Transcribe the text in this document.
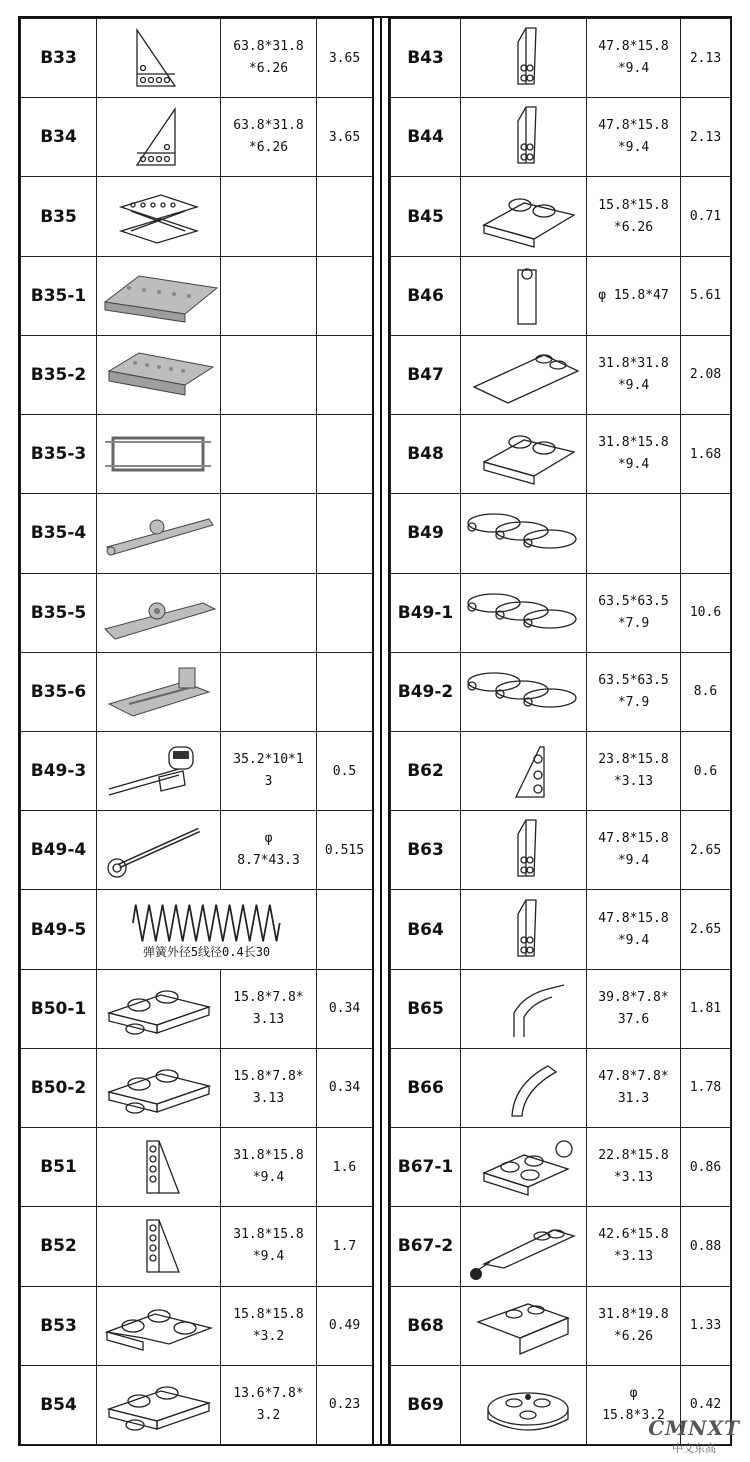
B33		63.8*31.8
*6.26	3.65
B34		63.8*31.8
*6.26	3.65
B35	

B35-1	

B35-2	

B35-3	

B35-4	

B35-5	

B35-6	

B49-3		35.2*10*1
3	0.5
B49-4		φ
8.7*43.3	0.515
B49-5	弹簧外径5线径0.4长30		

B50-1		15.8*7.8*
3.13	0.34
B50-2		15.8*7.8*
3.13	0.34
B51		31.8*15.8
*9.4	1.6
B52		31.8*15.8
*9.4	1.7
B53		15.8*15.8
*3.2	0.49
B54		13.6*7.8*
3.2	0.23
B43		47.8*15.8
*9.4	2.13
B44		47.8*15.8
*9.4	2.13
B45		15.8*15.8
*6.26	0.71
B46		φ 15.8*47	5.61
B47		31.8*31.8
*9.4	2.08
B48		31.8*15.8
*9.4	1.68
B49	

B49-1		63.5*63.5
*7.9	10.6
B49-2		63.5*63.5
*7.9	8.6
B62		23.8*15.8
*3.13	0.6
B63		47.8*15.8
*9.4	2.65
B64		47.8*15.8
*9.4	2.65
B65		39.8*7.8*
37.6	1.81
B66		47.8*7.8*
31.3	1.78
B67-1		22.8*15.8
*3.13	0.86
B67-2		42.6*15.8
*3.13	0.88
B68		31.8*19.8
*6.26	1.33
B69		φ
15.8*3.2	0.42
CMNXT
中文东高
